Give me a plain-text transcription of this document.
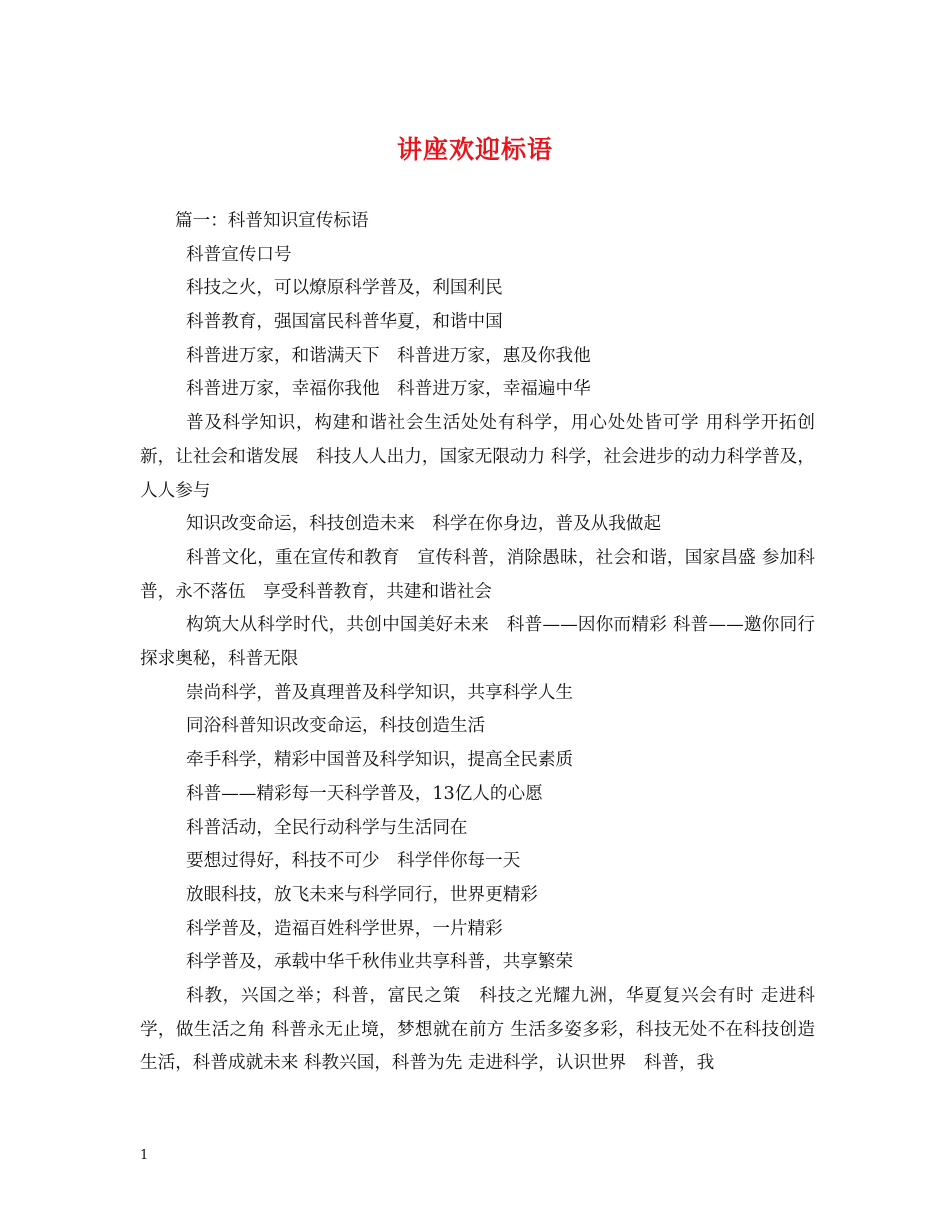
讲座欢迎标语
篇一：科普知识宣传标语
科普宣传口号
科技之火，可以燎原科学普及，利国利民
科普教育，强国富民科普华夏，和谐中国
科普进万家，和谐满天下　科普进万家，惠及你我他
科普进万家，幸福你我他　科普进万家，幸福遍中华
普及科学知识，构建和谐社会生活处处有科学，用心处处皆可学 用科学开拓创新，让社会和谐发展　科技人人出力，国家无限动力 科学，社会进步的动力科学普及，人人参与
知识改变命运，科技创造未来　科学在你身边，普及从我做起
科普文化，重在宣传和教育　宣传科普，消除愚昧，社会和谐，国家昌盛 参加科普，永不落伍　享受科普教育，共建和谐社会
构筑大从科学时代，共创中国美好未来　科普——因你而精彩 科普——邀你同行探求奥秘，科普无限
崇尚科学，普及真理普及科学知识，共享科学人生
同浴科普知识改变命运，科技创造生活
牵手科学，精彩中国普及科学知识，提高全民素质
科普——精彩每一天科学普及，13亿人的心愿
科普活动，全民行动科学与生活同在
要想过得好，科技不可少　科学伴你每一天
放眼科技，放飞未来与科学同行，世界更精彩
科学普及，造福百姓科学世界，一片精彩
科学普及，承载中华千秋伟业共享科普，共享繁荣
科教，兴国之举；科普，富民之策　科技之光耀九洲，华夏复兴会有时 走进科学，做生活之角 科普永无止境，梦想就在前方 生活多姿多彩，科技无处不在科技创造生活，科普成就未来 科教兴国，科普为先 走进科学，认识世界　科普，我
1
